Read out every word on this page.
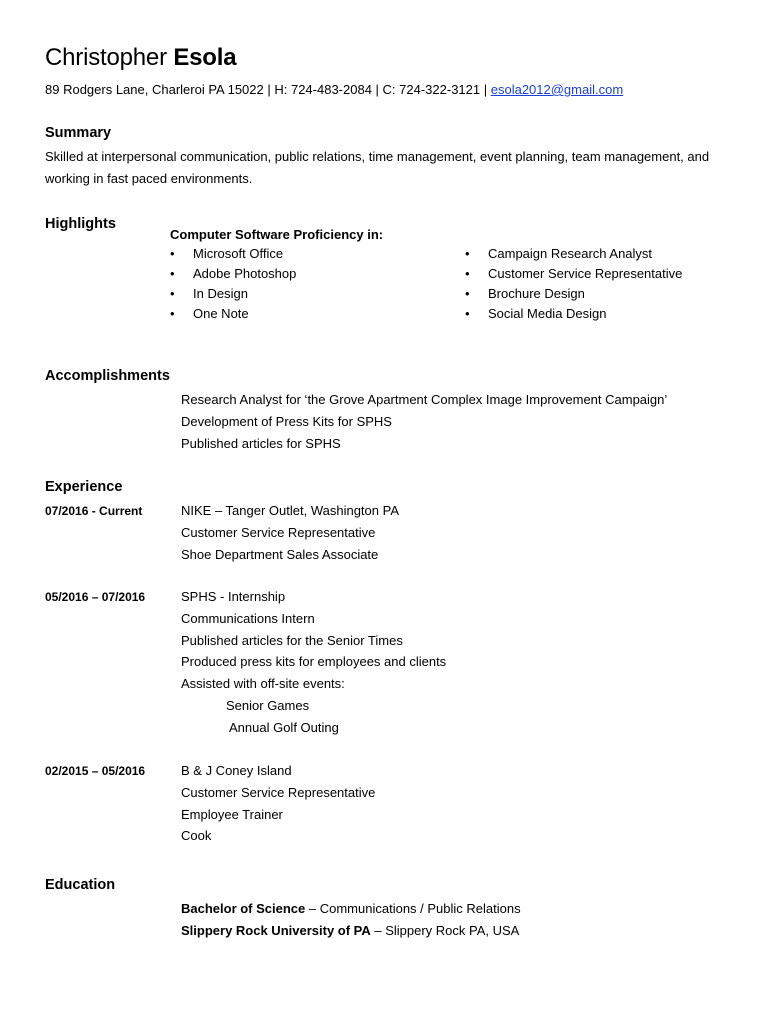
Christopher Esola
89 Rodgers Lane, Charleroi PA 15022 | H: 724-483-2084 | C: 724-322-3121 | esola2012@gmail.com
Summary
Skilled at interpersonal communication, public relations, time management, event planning, team management, and working in fast paced environments.
Highlights
Computer Software Proficiency in:
• Microsoft Office
• Adobe Photoshop
• In Design
• One Note
• Campaign Research Analyst
• Customer Service Representative
• Brochure Design
• Social Media Design
Accomplishments
Research Analyst for ‘the Grove Apartment Complex Image Improvement Campaign’
Development of Press Kits for SPHS
Published articles for SPHS
Experience
07/2016 - Current	NIKE – Tanger Outlet, Washington PA
Customer Service Representative
Shoe Department Sales Associate
05/2016 – 07/2016	SPHS - Internship
Communications Intern
Published articles for the Senior Times
Produced press kits for employees and clients
Assisted with off-site events:
Senior Games
Annual Golf Outing
02/2015 – 05/2016	B & J Coney Island
Customer Service Representative
Employee Trainer
Cook
Education
Bachelor of Science – Communications / Public Relations
Slippery Rock University of PA – Slippery Rock PA, USA
